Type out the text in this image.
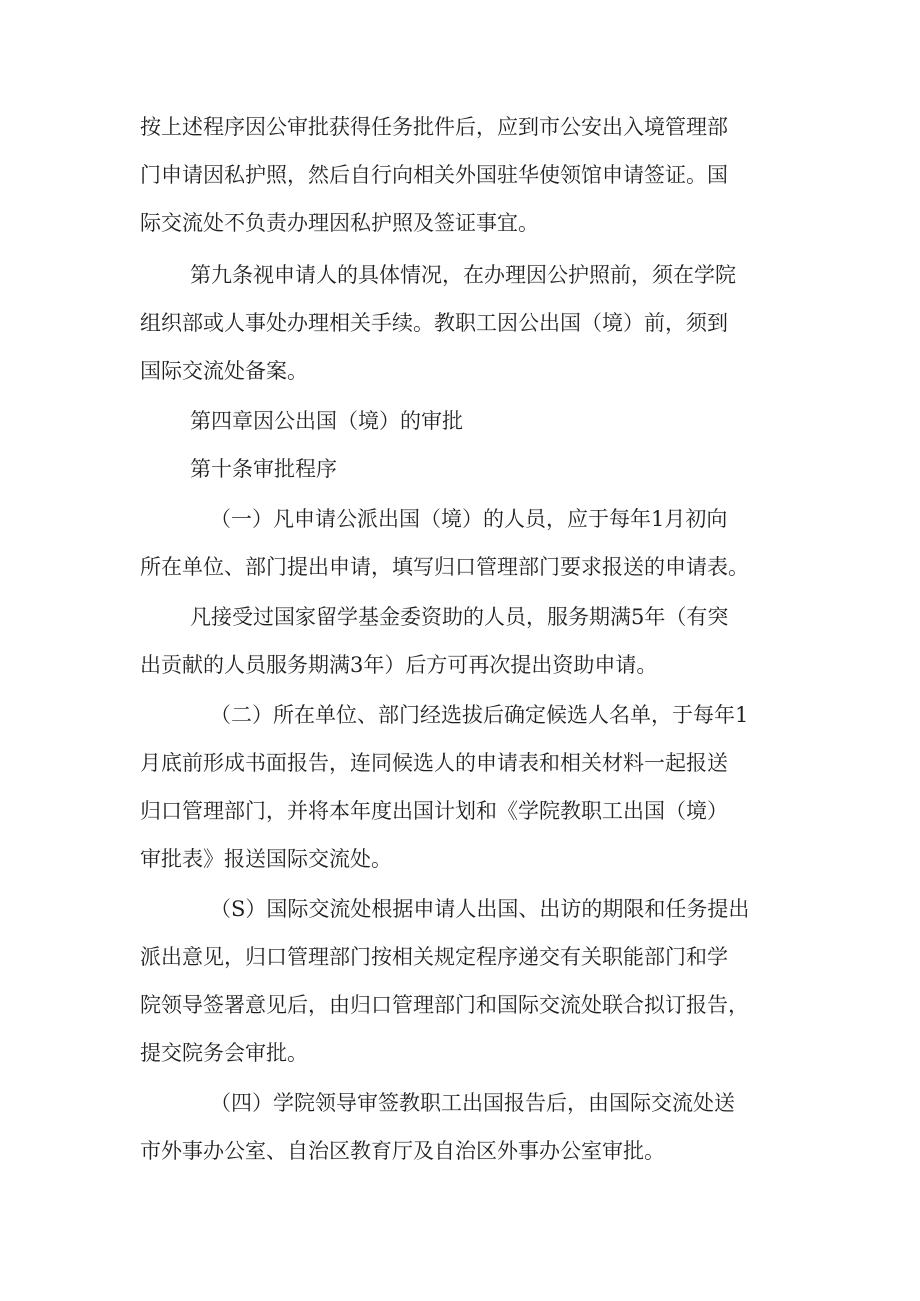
按上述程序因公审批获得任务批件后，应到市公安出入境管理部

门申请因私护照，然后自行向相关外国驻华使领馆申请签证。国

际交流处不负责办理因私护照及签证事宜。

第九条视申请人的具体情况，在办理因公护照前，须在学院

组织部或人事处办理相关手续。教职工因公出国（境）前，须到

国际交流处备案。

第四章因公出国（境）的审批

第十条审批程序

（一）凡申请公派出国（境）的人员，应于每年1月初向

所在单位、部门提出申请，填写归口管理部门要求报送的申请表。

凡接受过国家留学基金委资助的人员，服务期满5年（有突

出贡献的人员服务期满3年）后方可再次提出资助申请。

（二）所在单位、部门经选拔后确定候选人名单，于每年1

月底前形成书面报告，连同候选人的申请表和相关材料一起报送

归口管理部门，并将本年度出国计划和《学院教职工出国（境）

审批表》报送国际交流处。

（S）国际交流处根据申请人出国、出访的期限和任务提出

派出意见，归口管理部门按相关规定程序递交有关职能部门和学

院领导签署意见后，由归口管理部门和国际交流处联合拟订报告，

提交院务会审批。

（四）学院领导审签教职工出国报告后，由国际交流处送

市外事办公室、自治区教育厅及自治区外事办公室审批。
